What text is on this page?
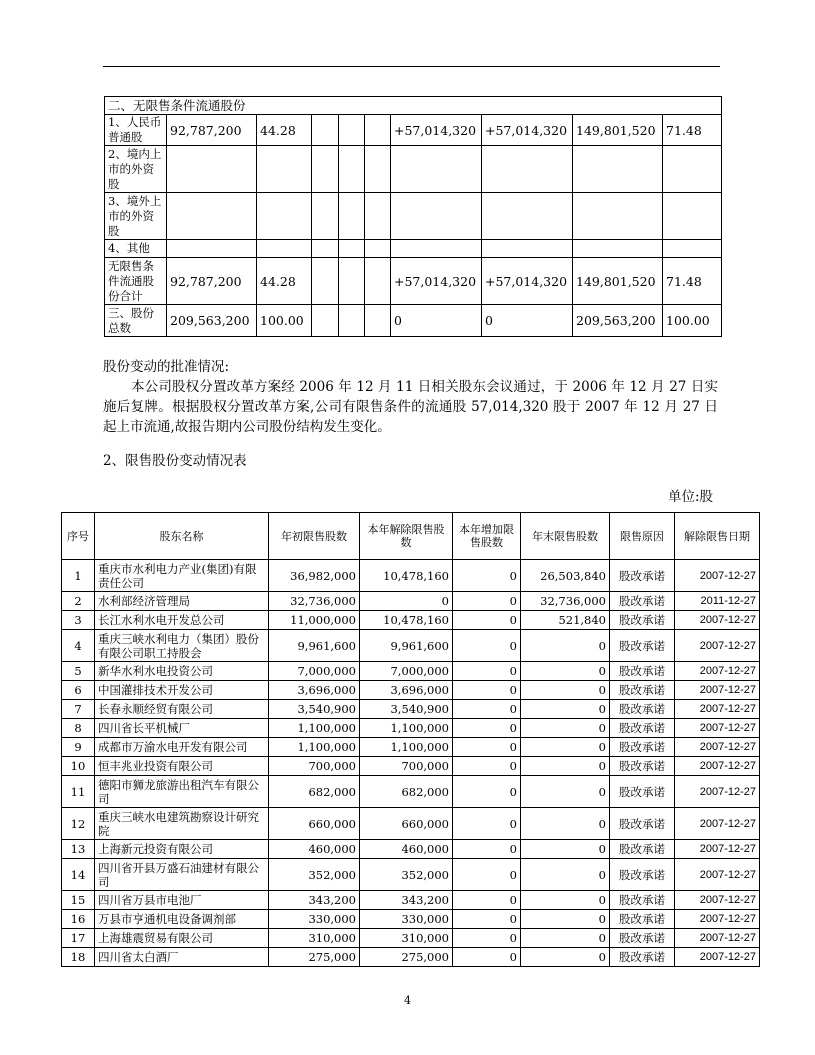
二、无限售条件流通股份									
1、人民币普通股	92,787,200	44.28				+57,014,320	+57,014,320	149,801,520	71.48
2、境内上市的外资股									
3、境外上市的外资股									
4、其他									
无限售条件流通股份合计	92,787,200	44.28				+57,014,320	+57,014,320	149,801,520	71.48
三、股份总数	209,563,200	100.00				0	0	209,563,200	100.00
股份变动的批准情况:
本公司股权分置改革方案经 2006 年 12 月 11 日相关股东会议通过，于 2006 年 12 月 27 日实施后复牌。根据股权分置改革方案,公司有限售条件的流通股 57,014,320 股于 2007 年 12 月 27 日起上市流通,故报告期内公司股份结构发生变化。
2、限售股份变动情况表
单位:股
序号	股东名称	年初限售股数	本年解除限售股数	本年增加限售股数	年末限售股数	限售原因	解除限售日期
1	重庆市水利电力产业(集团)有限责任公司	36,982,000	10,478,160	0	26,503,840	股改承诺	2007-12-27
2	水利部经济管理局	32,736,000	0	0	32,736,000	股改承诺	2011-12-27
3	长江水利水电开发总公司	11,000,000	10,478,160	0	521,840	股改承诺	2007-12-27
4	重庆三峡水利电力（集团）股份有限公司职工持股会	9,961,600	9,961,600	0	0	股改承诺	2007-12-27
5	新华水利水电投资公司	7,000,000	7,000,000	0	0	股改承诺	2007-12-27
6	中国灌排技术开发公司	3,696,000	3,696,000	0	0	股改承诺	2007-12-27
7	长春永顺经贸有限公司	3,540,900	3,540,900	0	0	股改承诺	2007-12-27
8	四川省长平机械厂	1,100,000	1,100,000	0	0	股改承诺	2007-12-27
9	成都市万渝水电开发有限公司	1,100,000	1,100,000	0	0	股改承诺	2007-12-27
10	恒丰兆业投资有限公司	700,000	700,000	0	0	股改承诺	2007-12-27
11	德阳市狮龙旅游出租汽车有限公司	682,000	682,000	0	0	股改承诺	2007-12-27
12	重庆三峡水电建筑勘察设计研究院	660,000	660,000	0	0	股改承诺	2007-12-27
13	上海新元投资有限公司	460,000	460,000	0	0	股改承诺	2007-12-27
14	四川省开县万盛石油建材有限公司	352,000	352,000	0	0	股改承诺	2007-12-27
15	四川省万县市电池厂	343,200	343,200	0	0	股改承诺	2007-12-27
16	万县市亨通机电设备调剂部	330,000	330,000	0	0	股改承诺	2007-12-27
17	上海雄震贸易有限公司	310,000	310,000	0	0	股改承诺	2007-12-27
18	四川省太白酒厂	275,000	275,000	0	0	股改承诺	2007-12-27
4
